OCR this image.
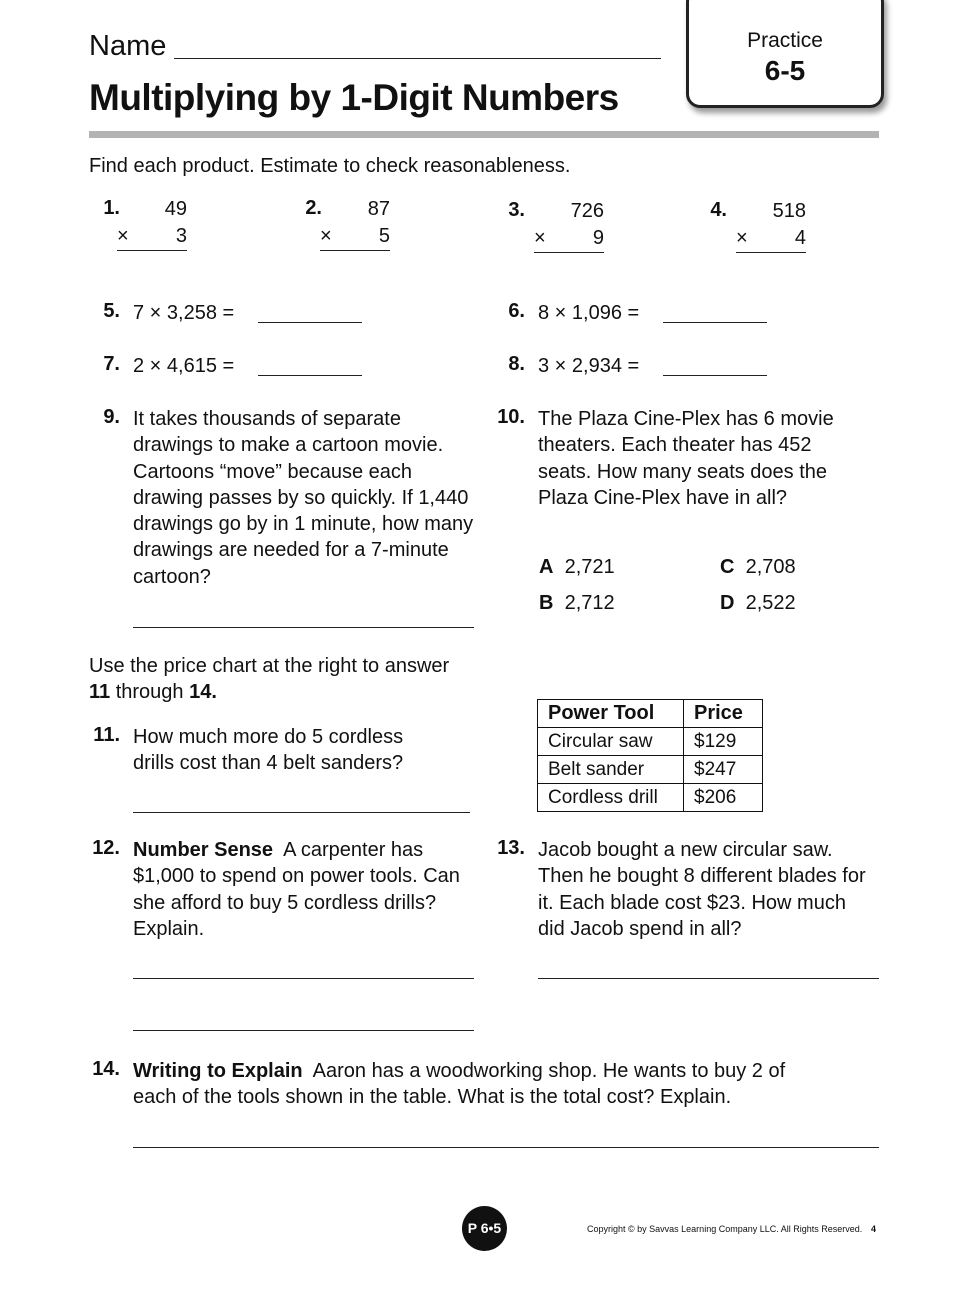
Name
Multiplying by 1-Digit Numbers
Practice
6-5
Find each product. Estimate to check reasonableness.
1.	49
× 3
2.	87
× 5
3.	726
× 9
4.	518
× 4
5. 7 × 3,258 =	6. 8 × 1,096 =
7. 2 × 4,615 =	8. 3 × 2,934 =
9. It takes thousands of separate drawings to make a cartoon movie. Cartoons “move” because each drawing passes by so quickly. If 1,440 drawings go by in 1 minute, how many drawings are needed for a 7-minute cartoon?
10. The Plaza Cine-Plex has 6 movie theaters. Each theater has 452 seats. How many seats does the Plaza Cine-Plex have in all?
A 2,721	C 2,708
B 2,712	D 2,522
Use the price chart at the right to answer
11 through 14.
Power Tool	Price
Circular saw	$129
Belt sander	$247
Cordless drill	$206
11. How much more do 5 cordless drills cost than 4 belt sanders?
12. Number Sense A carpenter has $1,000 to spend on power tools. Can she afford to buy 5 cordless drills? Explain.
13. Jacob bought a new circular saw. Then he bought 8 different blades for it. Each blade cost $23. How much did Jacob spend in all?
14. Writing to Explain Aaron has a woodworking shop. He wants to buy 2 of each of the tools shown in the table. What is the total cost? Explain.
P 6•5	Copyright © by Savvas Learning Company LLC. All Rights Reserved. 4
